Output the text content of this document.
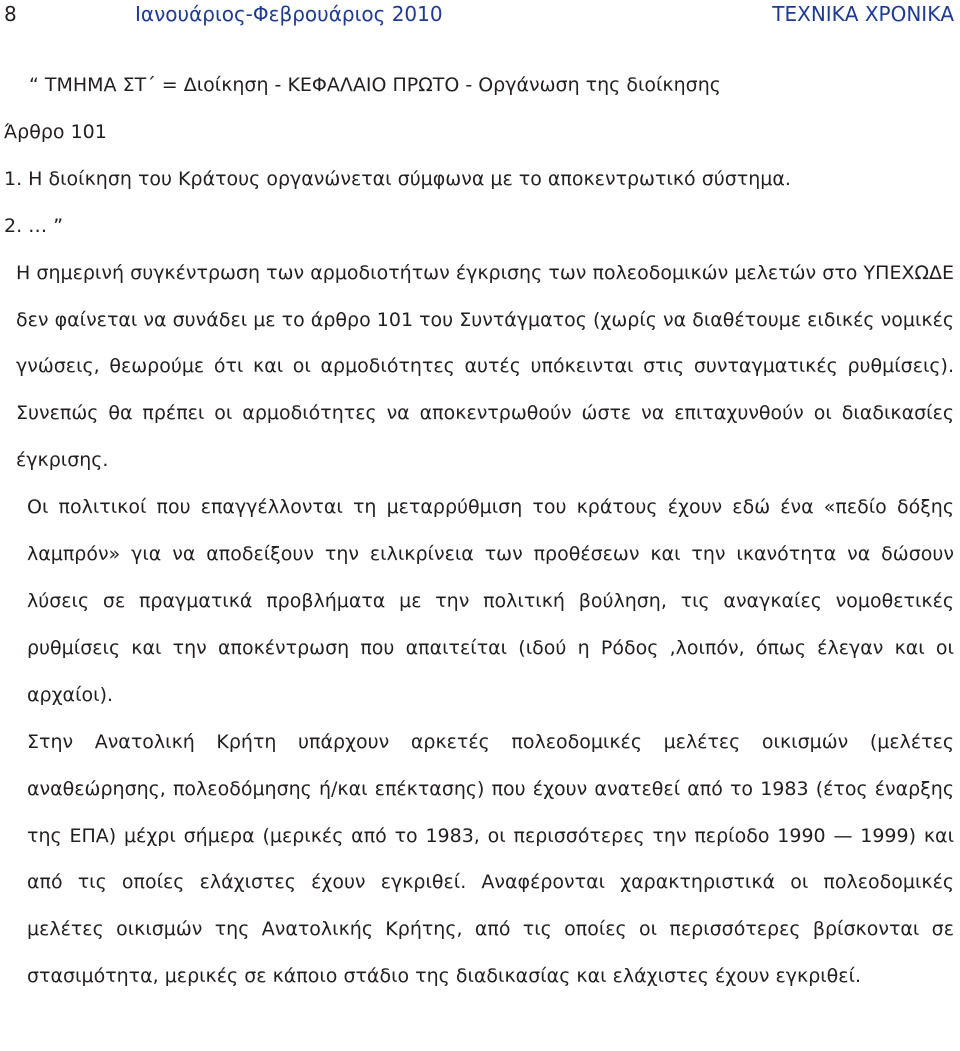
8	Ιανουάριος-Φεβρουάριος 2010	ΤΕΧΝΙΚΑ ΧΡΟΝΙΚΑ

“ ΤΜΗΜΑ ΣΤ΄ = Διοίκηση - ΚΕΦΑΛΑΙΟ ΠΡΩΤΟ - Οργάνωση της διοίκησης

Άρθρο 101

1. Η διοίκηση του Κράτους οργανώνεται σύμφωνα με το αποκεντρωτικό σύστημα.

2. … ”

Η σημερινή συγκέντρωση των αρμοδιοτήτων έγκρισης των πολεοδομικών μελετών στο ΥΠΕΧΩΔΕ δεν φαίνεται να συνάδει με το άρθρο 101 του Συντάγματος (χωρίς να διαθέτουμε ειδικές νομικές γνώσεις, θεωρούμε ότι και οι αρμοδιότητες αυτές υπόκεινται στις συνταγματικές ρυθμίσεις). Συνεπώς θα πρέπει οι αρμοδιότητες να αποκεντρωθούν ώστε να επιταχυνθούν οι διαδικασίες έγκρισης.

Οι πολιτικοί που επαγγέλλονται τη μεταρρύθμιση του κράτους έχουν εδώ ένα «πεδίο δόξης λαμπρόν» για να αποδείξουν την ειλικρίνεια των προθέσεων και την ικανότητα να δώσουν λύσεις σε πραγματικά προβλήματα με την πολιτική βούληση, τις αναγκαίες νομοθετικές ρυθμίσεις και την αποκέντρωση που απαιτείται (ιδού η Ρόδος ,λοιπόν, όπως έλεγαν και οι αρχαίοι).

Στην Ανατολική Κρήτη υπάρχουν αρκετές πολεοδομικές μελέτες οικισμών (μελέτες αναθεώρησης, πολεοδόμησης ή/και επέκτασης) που έχουν ανατεθεί από το 1983 (έτος έναρξης της ΕΠΑ) μέχρι σήμερα (μερικές από το 1983, οι περισσότερες την περίοδο 1990 — 1999) και από τις οποίες ελάχιστες έχουν εγκριθεί. Αναφέρονται χαρακτηριστικά οι πολεοδομικές μελέτες οικισμών της Ανατολικής Κρήτης, από τις οποίες οι περισσότερες βρίσκονται σε στασιμότητα, μερικές σε κάποιο στάδιο της διαδικασίας και ελάχιστες έχουν εγκριθεί.
